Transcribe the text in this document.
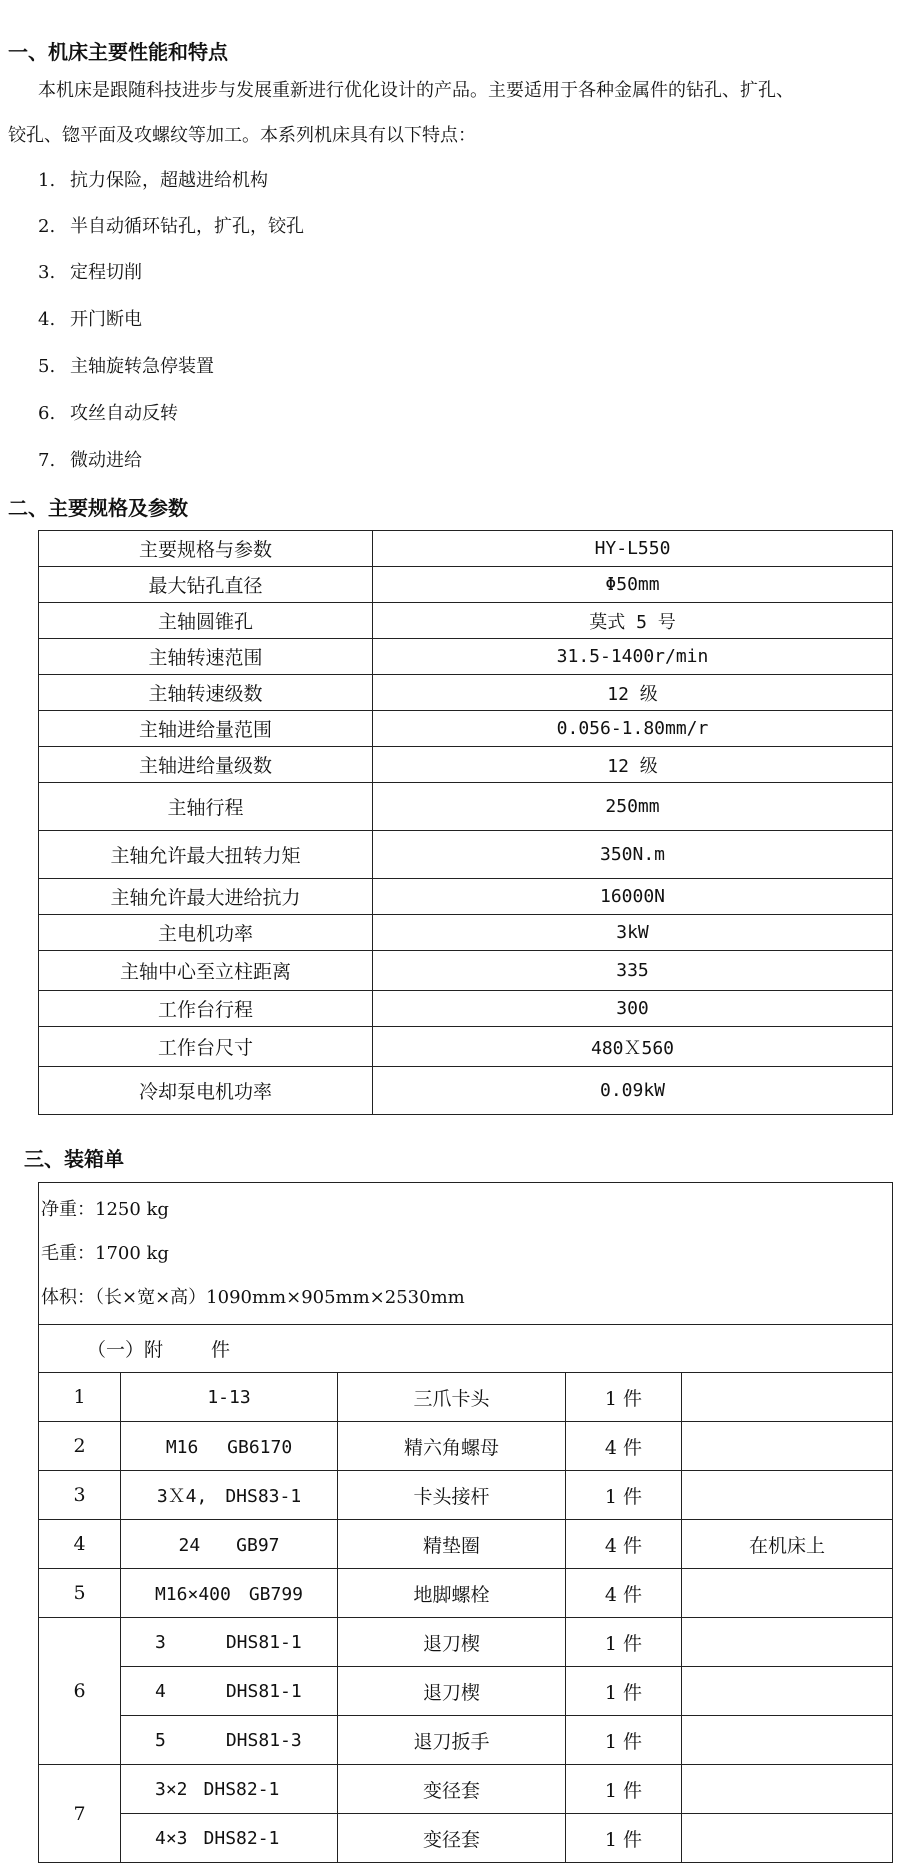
一、机床主要性能和特点
本机床是跟随科技进步与发展重新进行优化设计的产品。主要适用于各种金属件的钻孔、扩孔、
铰孔、锪平面及攻螺纹等加工。本系列机床具有以下特点：
1. 抗力保险，超越进给机构
2. 半自动循环钻孔，扩孔，铰孔
3. 定程切削
4. 开门断电
5. 主轴旋转急停装置
6. 攻丝自动反转
7. 微动进给
二、主要规格及参数
主要规格与参数	HY-L550
最大钻孔直径	Φ50mm
主轴圆锥孔	莫式 5 号
主轴转速范围	31.5-1400r/min
主轴转速级数	12 级
主轴进给量范围	0.056-1.80mm/r
主轴进给量级数	12 级
主轴行程	250mm
主轴允许最大扭转力矩	350N.m
主轴允许最大进给抗力	16000N
主电机功率	3kW
主轴中心至立柱距离	335
工作台行程	300
工作台尺寸	480Ｘ560
冷却泵电机功率	0.09kW
三、装箱单
净重：1250 kg
毛重：1700 kg
体积：（长×宽×高）1090mm×905mm×2530mm				

（一）附 件				
1	1-13	三爪卡头	1 件	
2	M16　 GB6170	精六角螺母	4 件	
3	3Ｘ4,　DHS83-1	卡头接杆	1 件	
4	24　　GB97	精垫圈	4 件	在机床上
5	M16×400　GB799	地脚螺栓	4 件	
6	3 DHS81-1	退刀楔	1 件	
	4 DHS81-1	退刀楔	1 件	
	5 DHS81-3	退刀扳手	1 件	
7	3×2 DHS82-1	变径套	1 件	
	4×3 DHS82-1	变径套	1 件	
